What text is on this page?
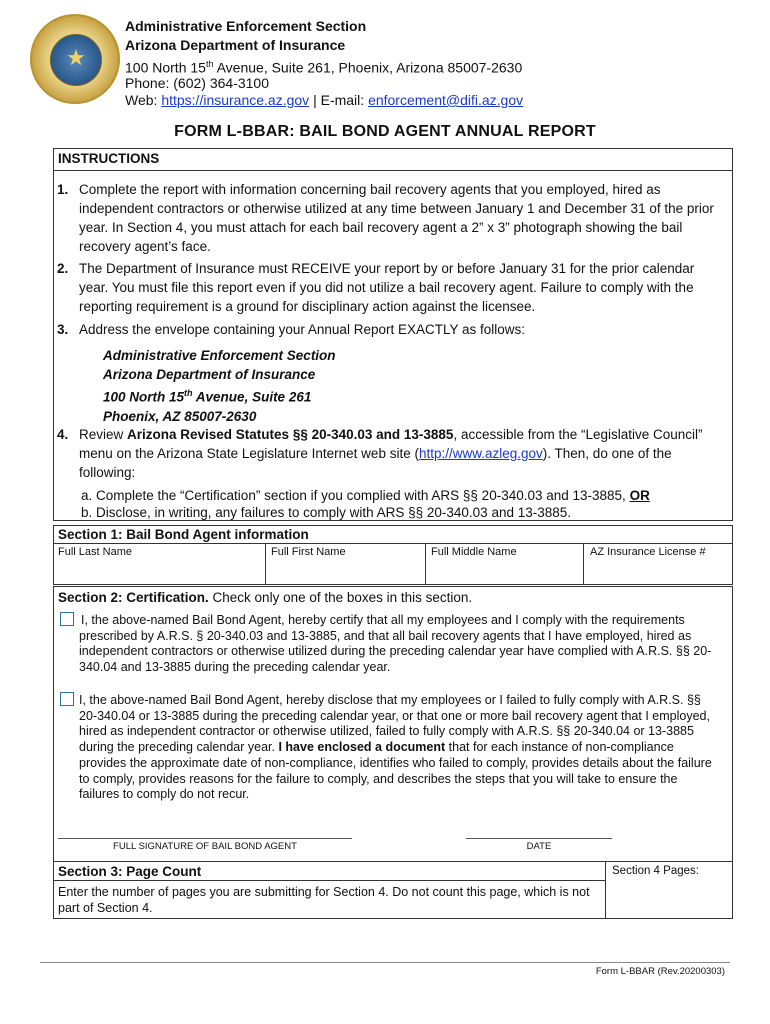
★
Administrative Enforcement Section
Arizona Department of Insurance
100 North 15th Avenue, Suite 261, Phoenix, Arizona 85007-2630
Phone: (602) 364-3100
Web: https://insurance.az.gov | E-mail: enforcement@difi.az.gov
FORM L-BBAR: BAIL BOND AGENT ANNUAL REPORT
INSTRUCTIONS
1. Complete the report with information concerning bail recovery agents that you employed, hired as independent contractors or otherwise utilized at any time between January 1 and December 31 of the prior year. In Section 4, you must attach for each bail recovery agent a 2” x 3” photograph showing the bail recovery agent’s face.
2. The Department of Insurance must RECEIVE your report by or before January 31 for the prior calendar year. You must file this report even if you did not utilize a bail recovery agent. Failure to comply with the reporting requirement is a ground for disciplinary action against the licensee.
3. Address the envelope containing your Annual Report EXACTLY as follows:
Administrative Enforcement Section
Arizona Department of Insurance
100 North 15th Avenue, Suite 261
Phoenix, AZ 85007-2630
4. Review Arizona Revised Statutes §§ 20-340.03 and 13-3885, accessible from the “Legislative Council” menu on the Arizona State Legislature Internet web site (http://www.azleg.gov). Then, do one of the following:
a. Complete the “Certification” section if you complied with ARS §§ 20-340.03 and 13-3885, OR
b. Disclose, in writing, any failures to comply with ARS §§ 20-340.03 and 13-3885.
Section 1: Bail Bond Agent information
Full Last Name	Full First Name	Full Middle Name	AZ Insurance License #
Section 2: Certification. Check only one of the boxes in this section.
I, the above-named Bail Bond Agent, hereby certify that all my employees and I comply with the requirements prescribed by A.R.S. § 20-340.03 and 13-3885, and that all bail recovery agents that I have employed, hired as independent contractors or otherwise utilized during the preceding calendar year have complied with A.R.S. §§ 20-340.04 and 13-3885 during the preceding calendar year.
I, the above-named Bail Bond Agent, hereby disclose that my employees or I failed to fully comply with A.R.S. §§ 20-340.04 or 13-3885 during the preceding calendar year, or that one or more bail recovery agent that I employed, hired as independent contractor or otherwise utilized, failed to fully comply with A.R.S. §§ 20-340.04 or 13-3885 during the preceding calendar year. I have enclosed a document that for each instance of non-compliance provides the approximate date of non-compliance, identifies who failed to comply, provides details about the failure to comply, provides reasons for the failure to comply, and describes the steps that you will take to ensure the failures to comply do not recur.
FULL SIGNATURE OF BAIL BOND AGENT	DATE
Section 3: Page Count
Enter the number of pages you are submitting for Section 4. Do not count this page, which is not part of Section 4.
Section 4 Pages:
Form L-BBAR (Rev.20200303)
